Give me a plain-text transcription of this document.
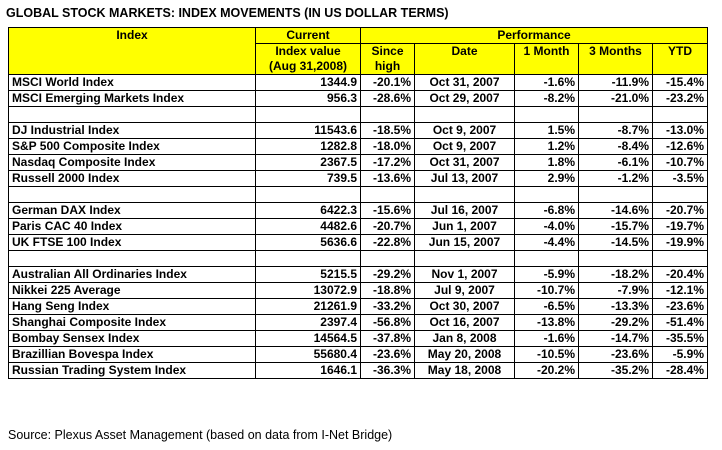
GLOBAL STOCK MARKETS: INDEX MOVEMENTS (IN US DOLLAR TERMS)
Index	Current	Performance				
	Index value	Since	Date	1 Month	3 Months	YTD
	(Aug 31,2008)	high				
MSCI World Index	1344.9	-20.1%	Oct 31, 2007	-1.6%	-11.9%	-15.4%
MSCI Emerging Markets Index	956.3	-28.6%	Oct 29, 2007	-8.2%	-21.0%	-23.2%

DJ Industrial Index	11543.6	-18.5%	Oct 9, 2007	1.5%	-8.7%	-13.0%
S&P 500 Composite Index	1282.8	-18.0%	Oct 9, 2007	1.2%	-8.4%	-12.6%
Nasdaq Composite Index	2367.5	-17.2%	Oct 31, 2007	1.8%	-6.1%	-10.7%
Russell 2000 Index	739.5	-13.6%	Jul 13, 2007	2.9%	-1.2%	-3.5%

German DAX Index	6422.3	-15.6%	Jul 16, 2007	-6.8%	-14.6%	-20.7%
Paris CAC 40 Index	4482.6	-20.7%	Jun 1, 2007	-4.0%	-15.7%	-19.7%
UK FTSE 100 Index	5636.6	-22.8%	Jun 15, 2007	-4.4%	-14.5%	-19.9%

Australian All Ordinaries Index	5215.5	-29.2%	Nov 1, 2007	-5.9%	-18.2%	-20.4%
Nikkei 225 Average	13072.9	-18.8%	Jul 9, 2007	-10.7%	-7.9%	-12.1%
Hang Seng Index	21261.9	-33.2%	Oct 30, 2007	-6.5%	-13.3%	-23.6%
Shanghai Composite Index	2397.4	-56.8%	Oct 16, 2007	-13.8%	-29.2%	-51.4%
Bombay Sensex Index	14564.5	-37.8%	Jan 8, 2008	-1.6%	-14.7%	-35.5%
Brazillian Bovespa Index	55680.4	-23.6%	May 20, 2008	-10.5%	-23.6%	-5.9%
Russian Trading System Index	1646.1	-36.3%	May 18, 2008	-20.2%	-35.2%	-28.4%
Source: Plexus Asset Management (based on data from I-Net Bridge)
